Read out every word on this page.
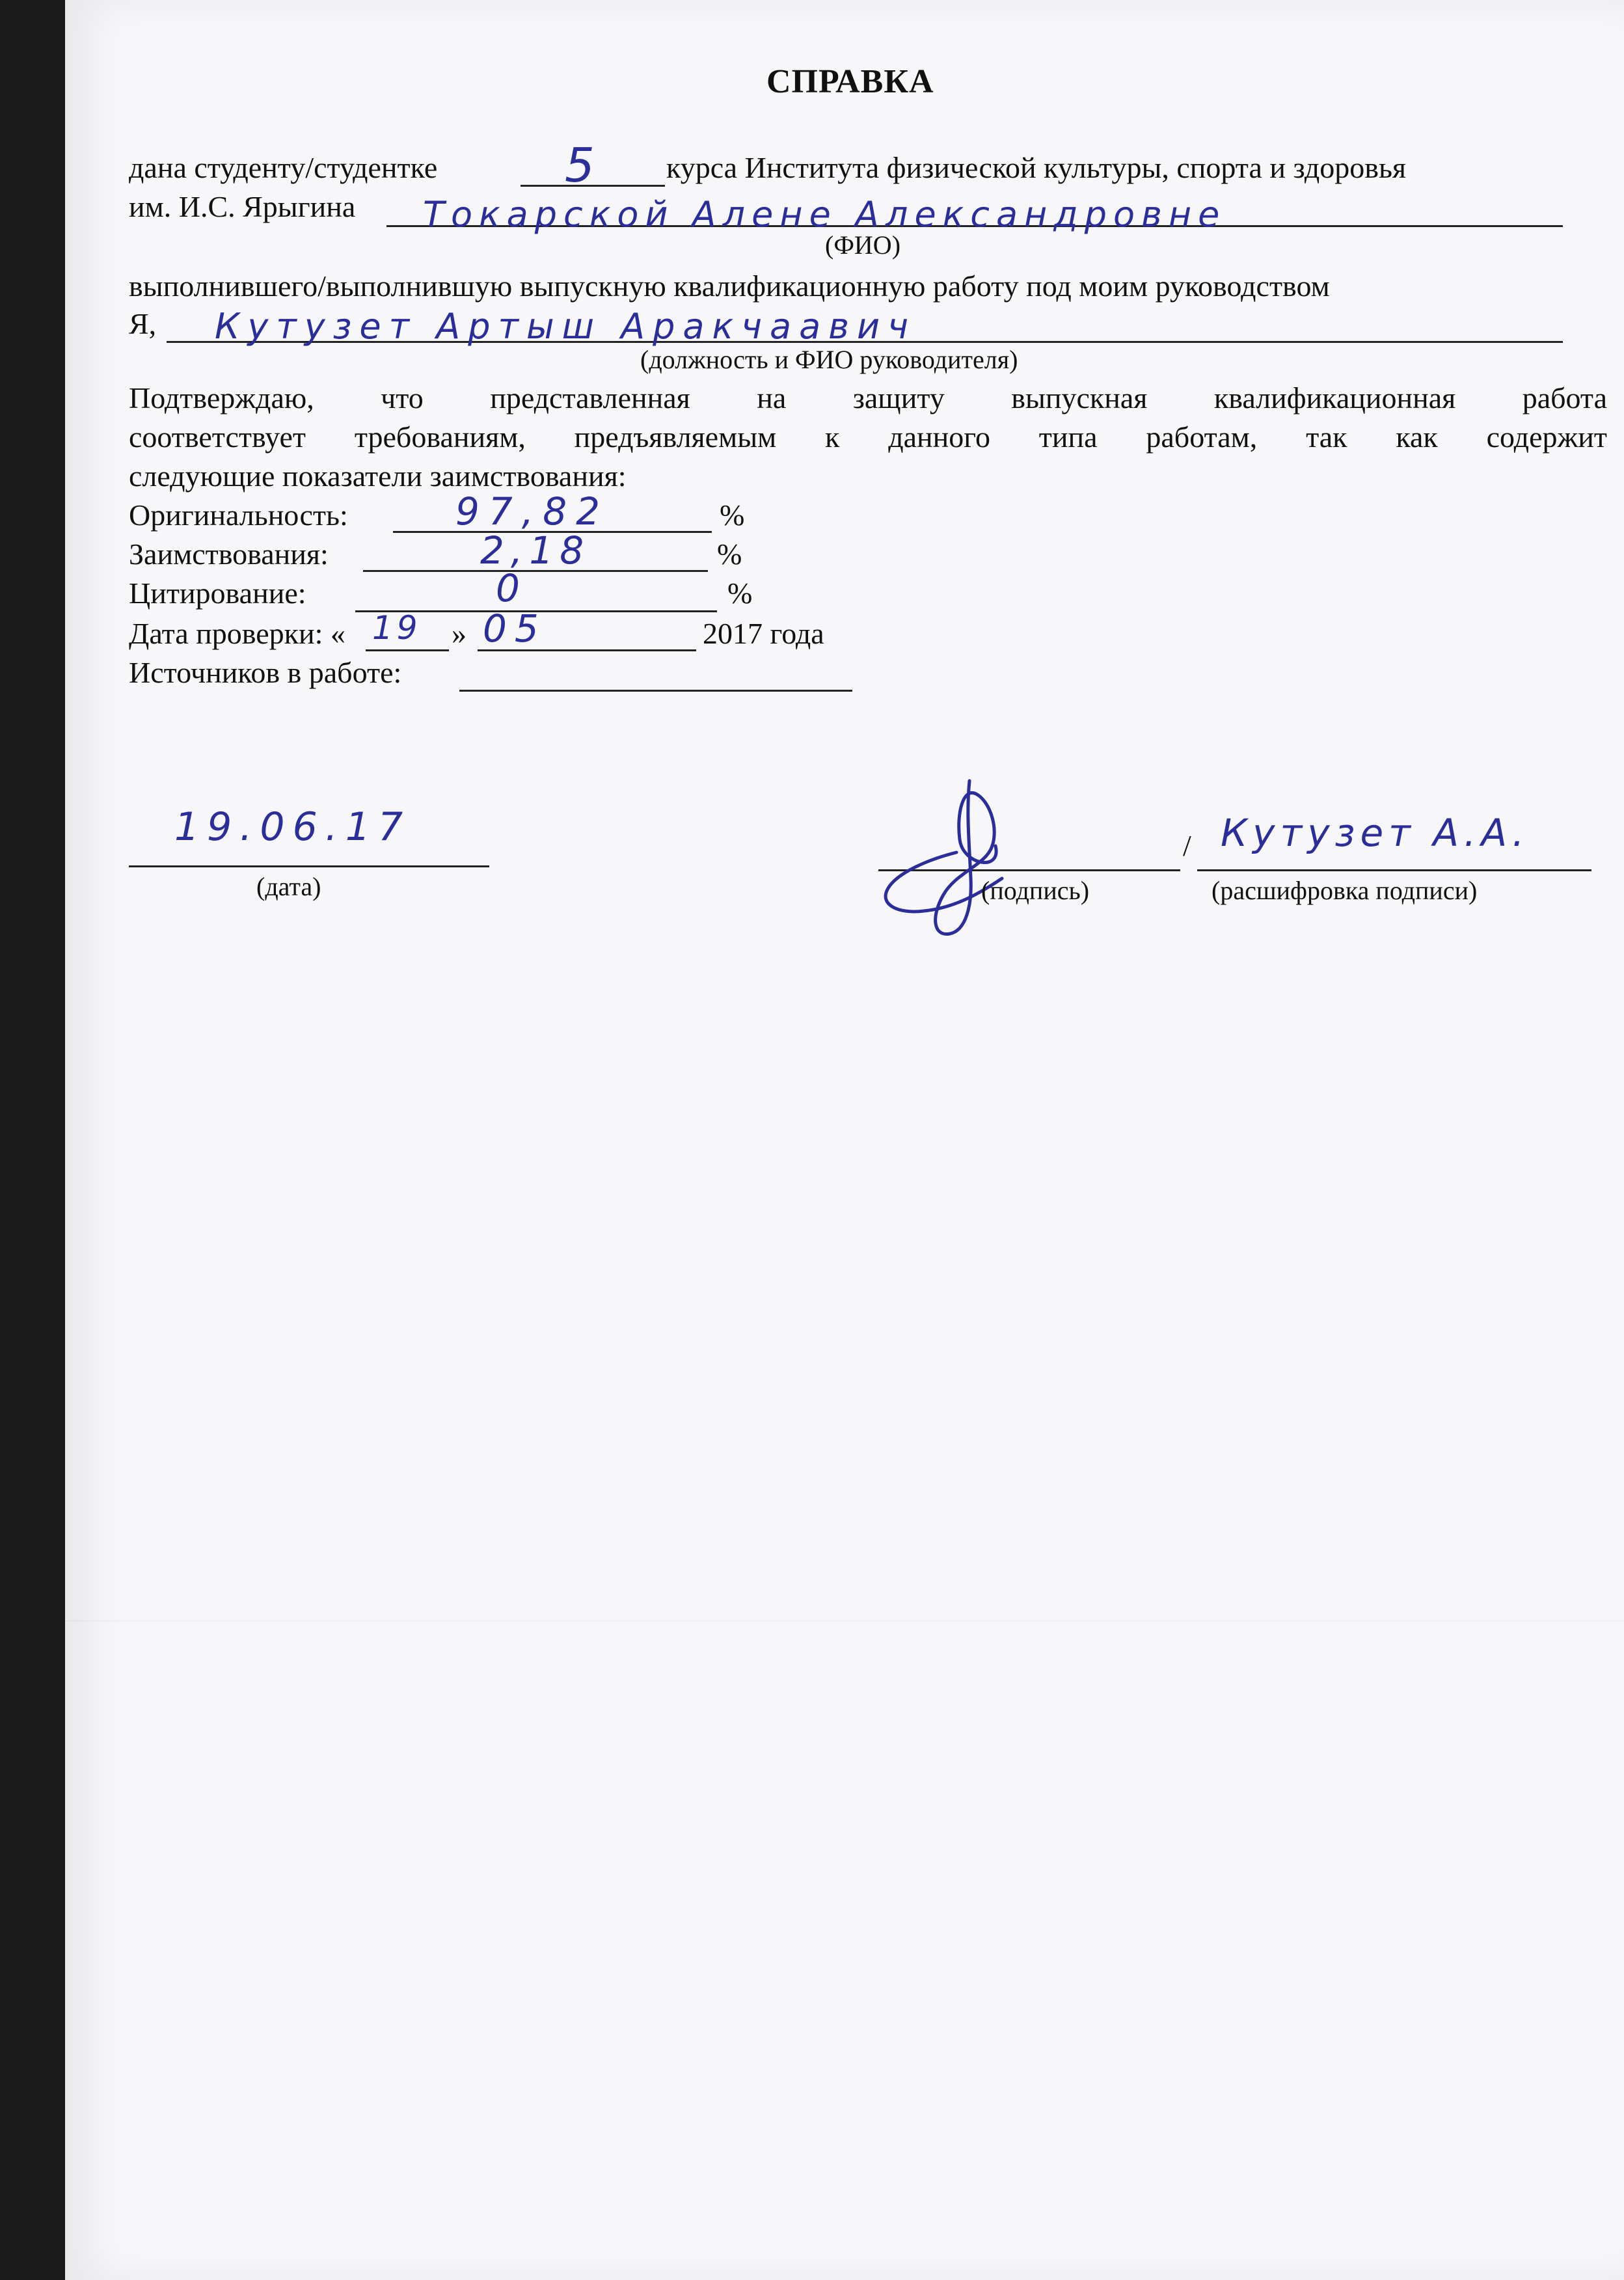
СПРАВКА
дана студенту/студентке	5 курса Института физической культуры, спорта и здоровья
им. И.С. Ярыгина Токарской Алене Александровне
(ФИО)
выполнившего/выполнившую выпускную квалификационную работу под моим руководством
Я, Кутузет Артыш Аракчаавич
(должность и ФИО руководителя)
Подтверждаю, что представленная на защиту выпускная квалификационная работа
соответствует требованиям, предъявляемым к данного типа работам, так как содержит
следующие показатели заимствования:
Оригинальность:	97,82	%
Заимствования:	2,18	%
Цитирование:	0	%
Дата проверки: « 19 » 05	2017 года
Источников в работе:
19.06.17
(дата)	(подпись)
/ Кутузет А.А.
(расшифровка подписи)
